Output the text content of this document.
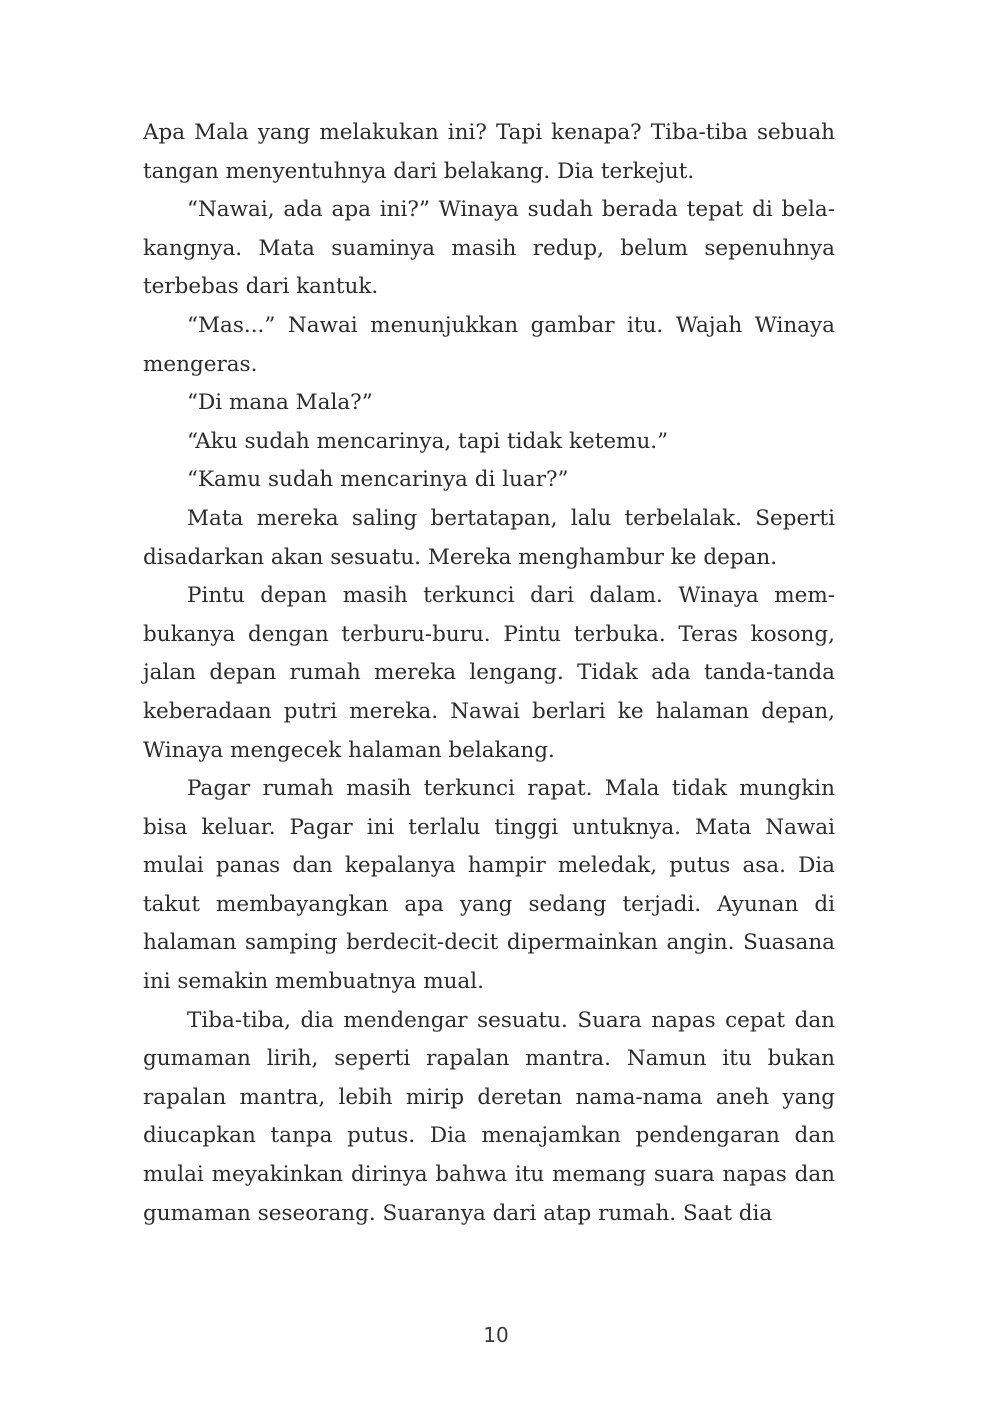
Apa Mala yang melakukan ini? Tapi kenapa? Tiba-tiba sebuah tangan menyentuhnya dari belakang. Dia terkejut.

“Nawai, ada apa ini?” Winaya sudah berada tepat di belakangnya. Mata suaminya masih redup, belum sepenuhnya terbebas dari kantuk.

“Mas...” Nawai menunjukkan gambar itu. Wajah Winaya mengeras.

“Di mana Mala?”

“Aku sudah mencarinya, tapi tidak ketemu.”

“Kamu sudah mencarinya di luar?”

Mata mereka saling bertatapan, lalu terbelalak. Seperti disadarkan akan sesuatu. Mereka menghambur ke depan.

Pintu depan masih terkunci dari dalam. Winaya membukanya dengan terburu-buru. Pintu terbuka. Teras kosong, jalan depan rumah mereka lengang. Tidak ada tanda-tanda keberadaan putri mereka. Nawai berlari ke halaman depan, Winaya mengecek halaman belakang.

Pagar rumah masih terkunci rapat. Mala tidak mungkin bisa keluar. Pagar ini terlalu tinggi untuknya. Mata Nawai mulai panas dan kepalanya hampir meledak, putus asa. Dia takut membayangkan apa yang sedang terjadi. Ayunan di halaman samping berdecit-decit dipermainkan angin. Suasana ini semakin membuatnya mual.

Tiba-tiba, dia mendengar sesuatu. Suara napas cepat dan gumaman lirih, seperti rapalan mantra. Namun itu bukan rapalan mantra, lebih mirip deretan nama-nama aneh yang diucapkan tanpa putus. Dia menajamkan pendengaran dan mulai meyakinkan dirinya bahwa itu memang suara napas dan gumaman seseorang. Suaranya dari atap rumah. Saat dia

10
